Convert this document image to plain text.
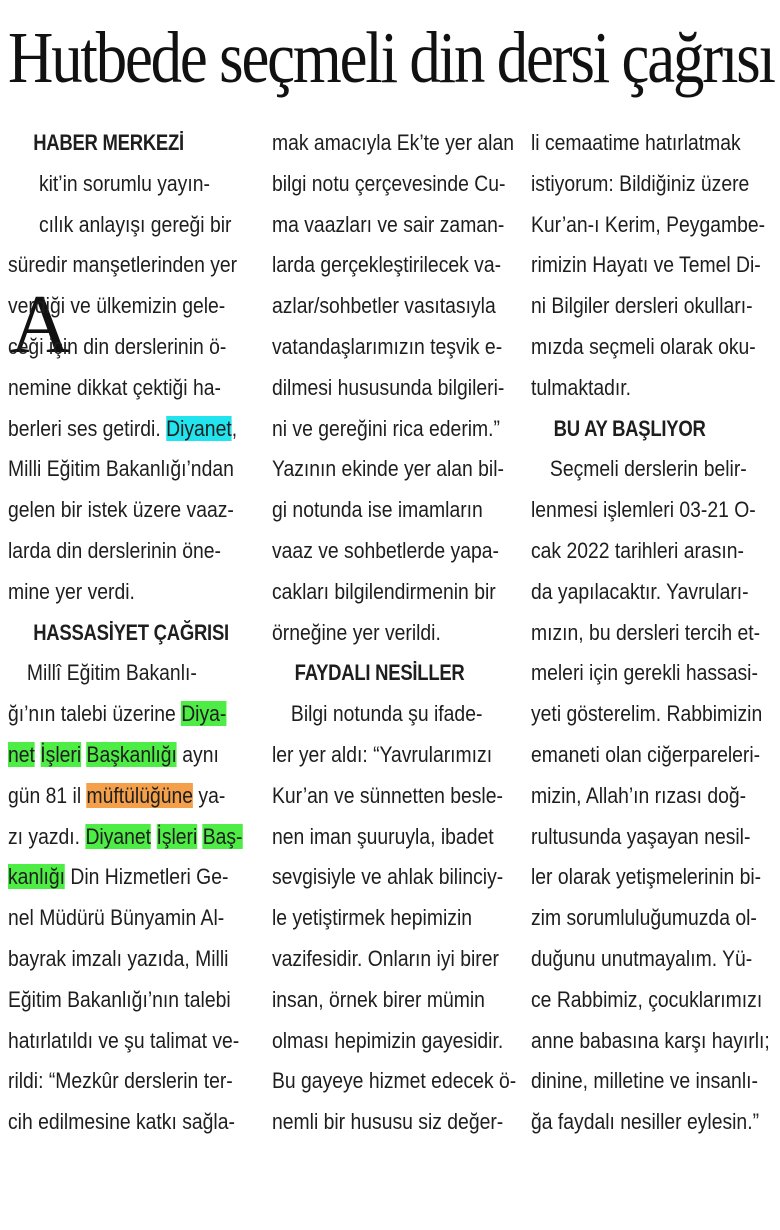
Hutbede seçmeli din dersi çağrısı
HABER MERKEZİ
A
kit’in sorumlu yayın-
cılık anlayışı gereği bir
süredir manşetlerinden yer
verdiği ve ülkemizin gele-
ceği için din derslerinin ö-
nemine dikkat çektiği ha-
berleri ses getirdi. Diyanet,
Milli Eğitim Bakanlığı’ndan
gelen bir istek üzere vaaz-
larda din derslerinin öne-
mine yer verdi.
HASSASİYET ÇAĞRISI
Millî Eğitim Bakanlı-
ğı’nın talebi üzerine Diya-
net İşleri Başkanlığı aynı
gün 81 il müftülüğüne ya-
zı yazdı. Diyanet İşleri Baş-
kanlığı Din Hizmetleri Ge-
nel Müdürü Bünyamin Al-
bayrak imzalı yazıda, Milli
Eğitim Bakanlığı’nın talebi
hatırlatıldı ve şu talimat ve-
rildi: “Mezkûr derslerin ter-
cih edilmesine katkı sağla-
mak amacıyla Ek’te yer alan
bilgi notu çerçevesinde Cu-
ma vaazları ve sair zaman-
larda gerçekleştirilecek va-
azlar/sohbetler vasıtasıyla
vatandaşlarımızın teşvik e-
dilmesi hususunda bilgileri-
ni ve gereğini rica ederim.”
Yazının ekinde yer alan bil-
gi notunda ise imamların
vaaz ve sohbetlerde yapa-
cakları bilgilendirmenin bir
örneğine yer verildi.
FAYDALI NESİLLER
Bilgi notunda şu ifade-
ler yer aldı: “Yavrularımızı
Kur’an ve sünnetten besle-
nen iman şuuruyla, ibadet
sevgisiyle ve ahlak bilinciy-
le yetiştirmek hepimizin
vazifesidir. Onların iyi birer
insan, örnek birer mümin
olması hepimizin gayesidir.
Bu gayeye hizmet edecek ö-
nemli bir hususu siz değer-
li cemaatime hatırlatmak
istiyorum: Bildiğiniz üzere
Kur’an-ı Kerim, Peygambe-
rimizin Hayatı ve Temel Di-
ni Bilgiler dersleri okulları-
mızda seçmeli olarak oku-
tulmaktadır.
BU AY BAŞLIYOR
Seçmeli derslerin belir-
lenmesi işlemleri 03-21 O-
cak 2022 tarihleri arasın-
da yapılacaktır. Yavruları-
mızın, bu dersleri tercih et-
meleri için gerekli hassasi-
yeti gösterelim. Rabbimizin
emaneti olan ciğerpareleri-
mizin, Allah’ın rızası doğ-
rultusunda yaşayan nesil-
ler olarak yetişmelerinin bi-
zim sorumluluğumuzda ol-
duğunu unutmayalım. Yü-
ce Rabbimiz, çocuklarımızı
anne babasına karşı hayırlı;
dinine, milletine ve insanlı-
ğa faydalı nesiller eylesin.”
